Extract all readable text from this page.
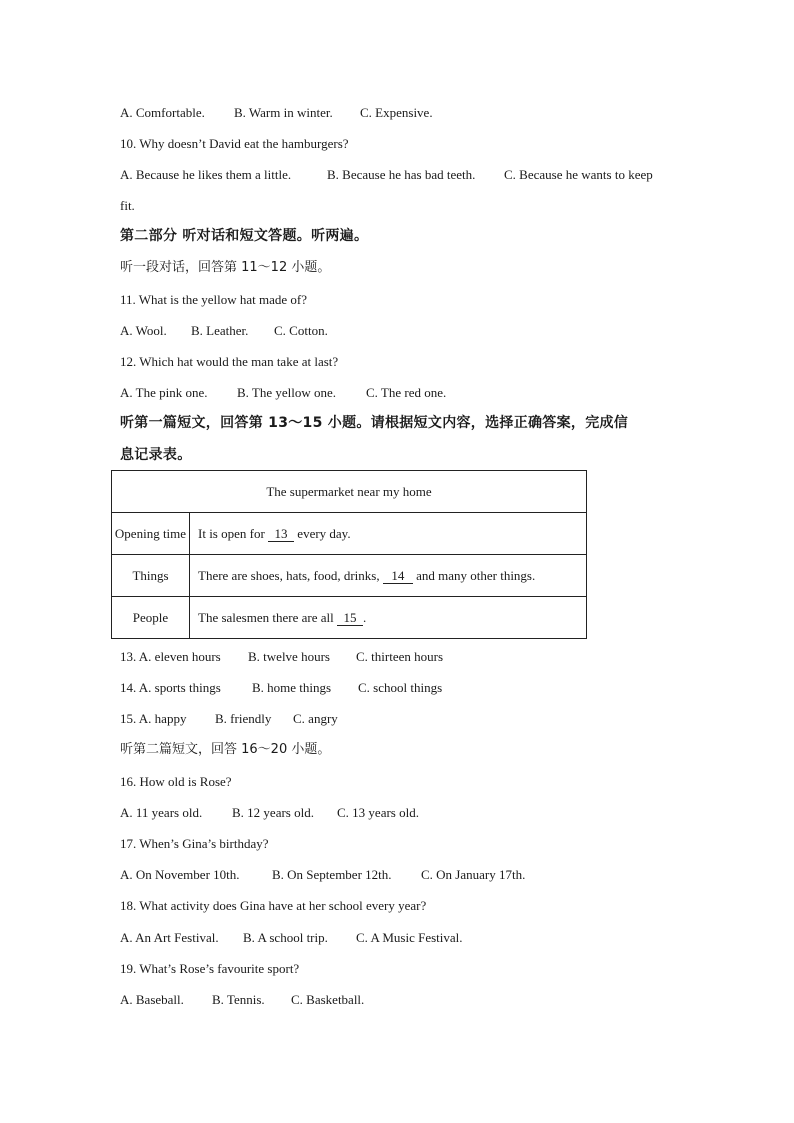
A. Comfortable. B. Warm in winter. C. Expensive.
10. Why doesn’t David eat the hamburgers?
A. Because he likes them a little.	B. Because he has bad teeth. C. Because he wants to keep
fit.
第二部分 听对话和短文答题。听两遍。
听一段对话，回答第 11～12 小题。
11. What is the yellow hat made of?
A. Wool. B. Leather. C. Cotton.
12. Which hat would the man take at last?
A. The pink one. B. The yellow one. C. The red one.
听第一篇短文，回答第 13～15 小题。请根据短文内容，选择正确答案，完成信
息记录表。
The supermarket near my home	
Opening time	It is open for 13 every day.
Things	There are shoes, hats, food, drinks, 14 and many other things.
People	The salesmen there are all 15 .
13. A. eleven hours B. twelve hours C. thirteen hours
14. A. sports things B. home things C. school things
15. A. happy B. friendly C. angry
听第二篇短文，回答 16～20 小题。
16. How old is Rose?
A. 11 years old. B. 12 years old. C. 13 years old.
17. When’s Gina’s birthday?
A. On November 10th. B. On September 12th. C. On January 17th.
18. What activity does Gina have at her school every year?
A. An Art Festival. B. A school trip. C. A Music Festival.
19. What’s Rose’s favourite sport?
A. Baseball. B. Tennis. C. Basketball.
